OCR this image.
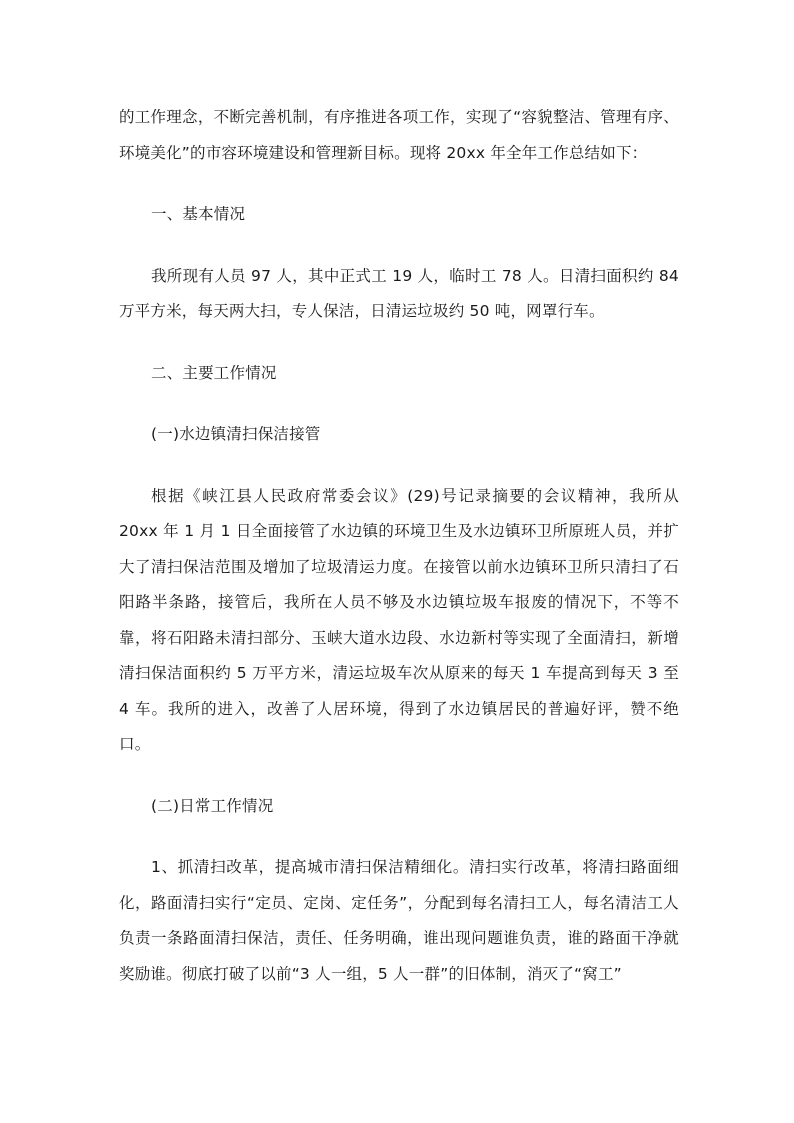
的工作理念，不断完善机制，有序推进各项工作，实现了“容貌整洁、管理有序、环境美化”的市容环境建设和管理新目标。现将 20xx 年全年工作总结如下：

一、基本情况

我所现有人员 97 人，其中正式工 19 人，临时工 78 人。日清扫面积约 84 万平方米，每天两大扫，专人保洁，日清运垃圾约 50 吨，网罩行车。

二、主要工作情况

(一)水边镇清扫保洁接管

根据《峡江县人民政府常委会议》(29)号记录摘要的会议精神，我所从 20xx 年 1 月 1 日全面接管了水边镇的环境卫生及水边镇环卫所原班人员，并扩大了清扫保洁范围及增加了垃圾清运力度。在接管以前水边镇环卫所只清扫了石阳路半条路，接管后，我所在人员不够及水边镇垃圾车报废的情况下，不等不靠，将石阳路未清扫部分、玉峡大道水边段、水边新村等实现了全面清扫，新增清扫保洁面积约 5 万平方米，清运垃圾车次从原来的每天 1 车提高到每天 3 至 4 车。我所的进入，改善了人居环境，得到了水边镇居民的普遍好评，赞不绝口。

(二)日常工作情况

1、抓清扫改革，提高城市清扫保洁精细化。清扫实行改革，将清扫路面细化，路面清扫实行“定员、定岗、定任务”，分配到每名清扫工人，每名清洁工人负责一条路面清扫保洁，责任、任务明确，谁出现问题谁负责，谁的路面干净就奖励谁。彻底打破了以前“3 人一组，5 人一群”的旧体制，消灭了“窝工”
